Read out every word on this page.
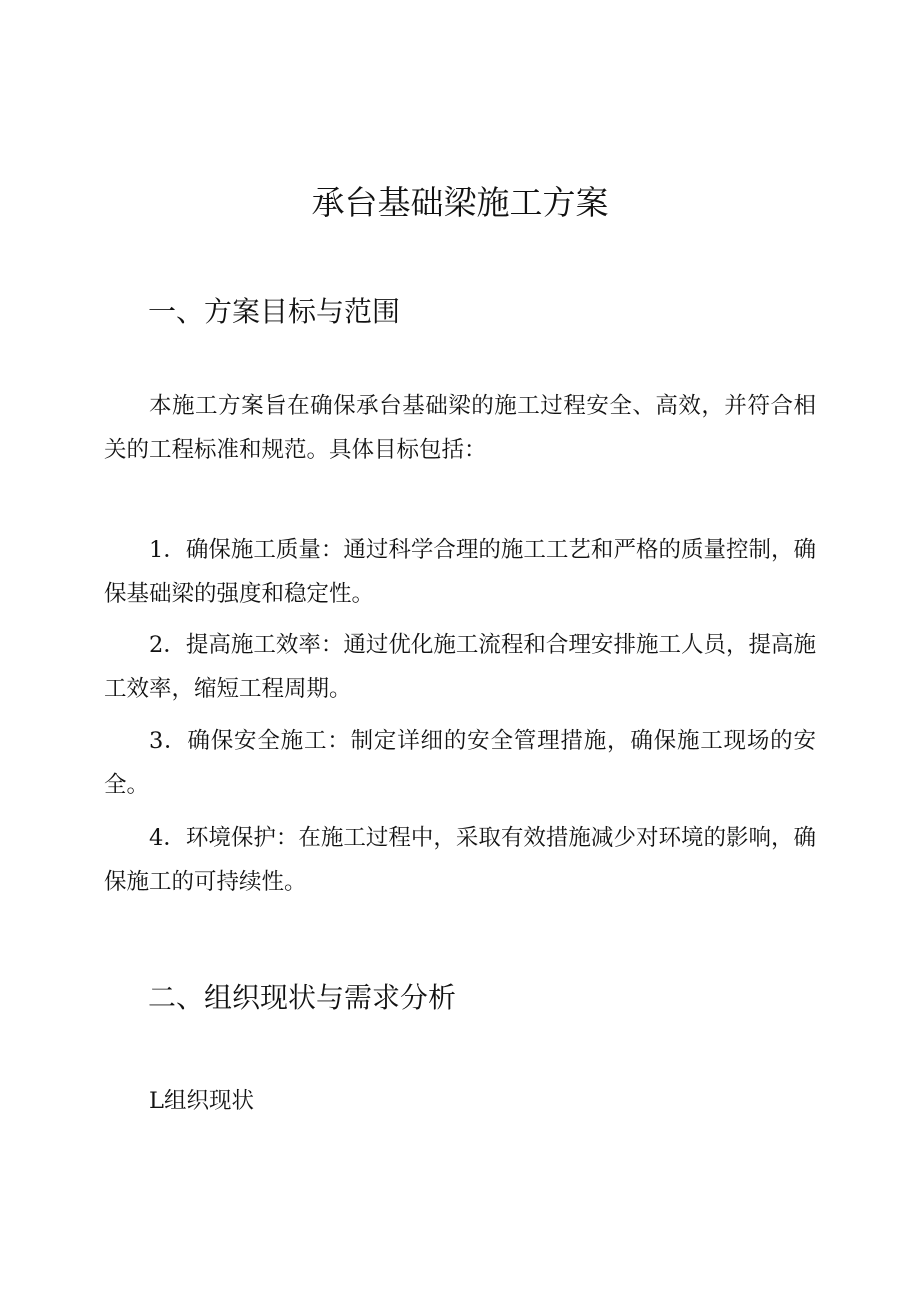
承台基础梁施工方案
一、方案目标与范围

本施工方案旨在确保承台基础梁的施工过程安全、高效，并符合相关的工程标准和规范。具体目标包括：

1．确保施工质量：通过科学合理的施工工艺和严格的质量控制，确保基础梁的强度和稳定性。

2．提高施工效率：通过优化施工流程和合理安排施工人员，提高施工效率，缩短工程周期。

3．确保安全施工：制定详细的安全管理措施，确保施工现场的安全。

4．环境保护：在施工过程中，采取有效措施减少对环境的影响，确保施工的可持续性。

二、组织现状与需求分析

L组织现状
